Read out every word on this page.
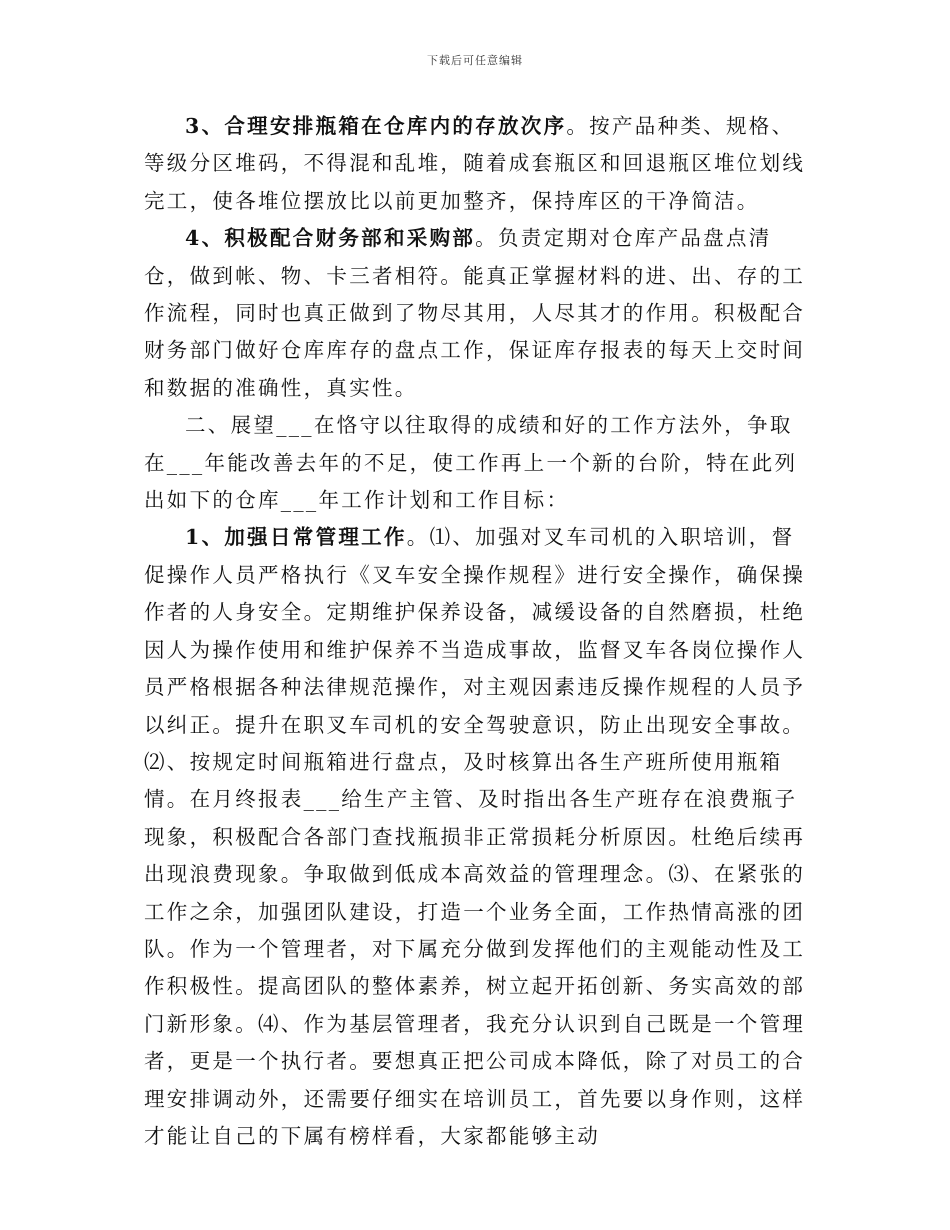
下载后可任意编辑

3、合理安排瓶箱在仓库内的存放次序。按产品种类、规格、等级分区堆码，不得混和乱堆，随着成套瓶区和回退瓶区堆位划线完工，使各堆位摆放比以前更加整齐，保持库区的干净简洁。

4、积极配合财务部和采购部。负责定期对仓库产品盘点清仓，做到帐、物、卡三者相符。能真正掌握材料的进、出、存的工作流程，同时也真正做到了物尽其用，人尽其才的作用。积极配合财务部门做好仓库库存的盘点工作，保证库存报表的每天上交时间和数据的准确性，真实性。

二、展望___在恪守以往取得的成绩和好的工作方法外，争取在___年能改善去年的不足，使工作再上一个新的台阶，特在此列出如下的仓库___年工作计划和工作目标：

1、加强日常管理工作。⑴、加强对叉车司机的入职培训，督促操作人员严格执行《叉车安全操作规程》进行安全操作，确保操作者的人身安全。定期维护保养设备，减缓设备的自然磨损，杜绝因人为操作使用和维护保养不当造成事故，监督叉车各岗位操作人员严格根据各种法律规范操作，对主观因素违反操作规程的人员予以纠正。提升在职叉车司机的安全驾驶意识，防止出现安全事故。⑵、按规定时间瓶箱进行盘点，及时核算出各生产班所使用瓶箱情。在月终报表___给生产主管、及时指出各生产班存在浪费瓶子现象，积极配合各部门查找瓶损非正常损耗分析原因。杜绝后续再出现浪费现象。争取做到低成本高效益的管理理念。⑶、在紧张的工作之余，加强团队建设，打造一个业务全面，工作热情高涨的团队。作为一个管理者，对下属充分做到发挥他们的主观能动性及工作积极性。提高团队的整体素养，树立起开拓创新、务实高效的部门新形象。⑷、作为基层管理者，我充分认识到自己既是一个管理者，更是一个执行者。要想真正把公司成本降低，除了对员工的合理安排调动外，还需要仔细实在培训员工，首先要以身作则，这样才能让自己的下属有榜样看，大家都能够主动
